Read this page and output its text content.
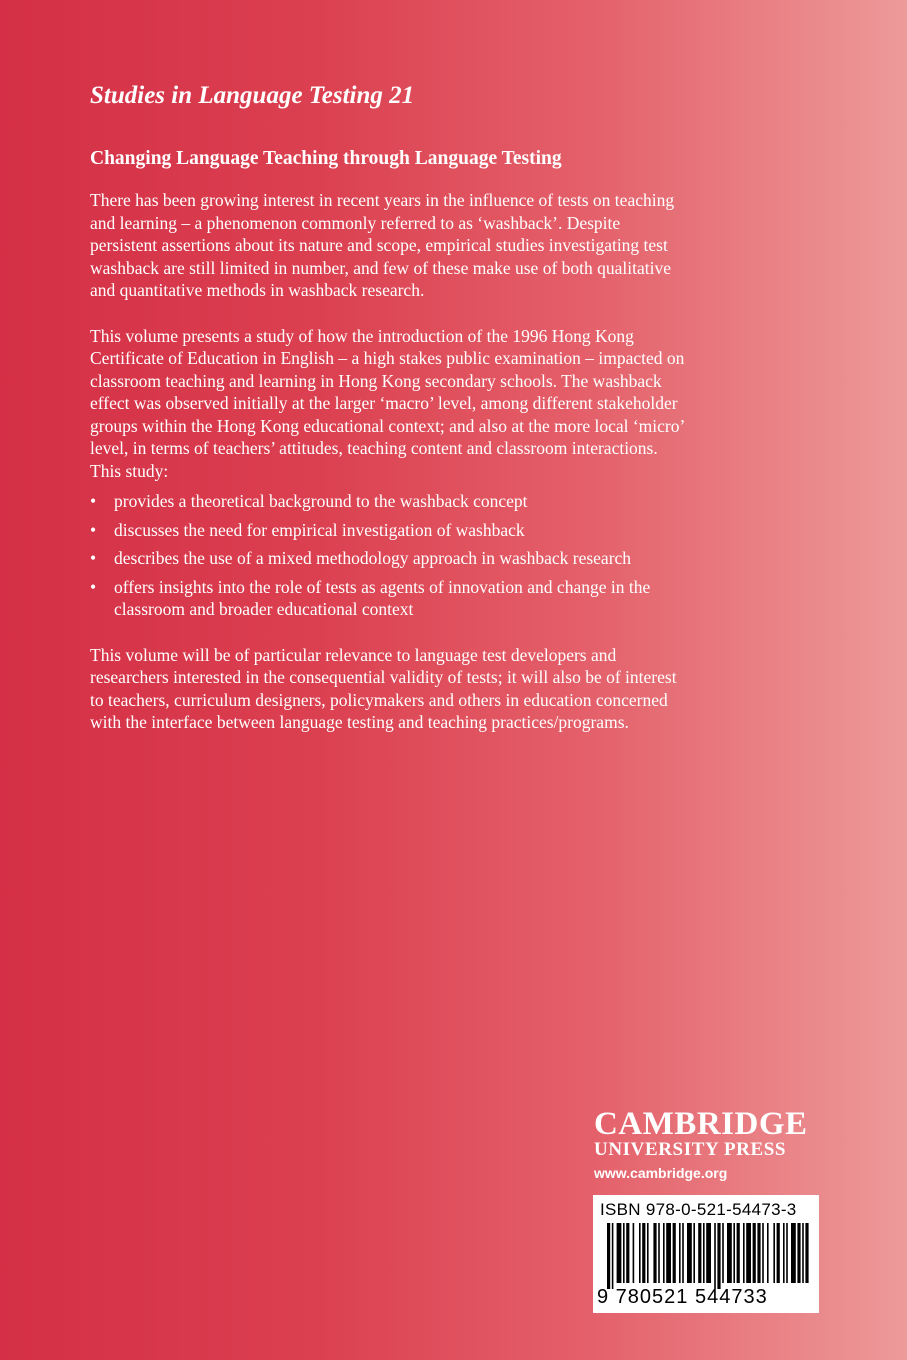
Studies in Language Testing 21
Changing Language Teaching through Language Testing

There has been growing interest in recent years in the influence of tests on teaching and learning – a phenomenon commonly referred to as ‘washback’. Despite persistent assertions about its nature and scope, empirical studies investigating test washback are still limited in number, and few of these make use of both qualitative and quantitative methods in washback research.

This volume presents a study of how the introduction of the 1996 Hong Kong Certificate of Education in English – a high stakes public examination – impacted on classroom teaching and learning in Hong Kong secondary schools. The washback effect was observed initially at the larger ‘macro’ level, among different stakeholder groups within the Hong Kong educational context; and also at the more local ‘micro’ level, in terms of teachers’ attitudes, teaching content and classroom interactions. This study:

• provides a theoretical background to the washback concept
• discusses the need for empirical investigation of washback
• describes the use of a mixed methodology approach in washback research
• offers insights into the role of tests as agents of innovation and change in the classroom and broader educational context

This volume will be of particular relevance to language test developers and researchers interested in the consequential validity of tests; it will also be of interest to teachers, curriculum designers, policymakers and others in education concerned with the interface between language testing and teaching practices/programs.

CAMBRIDGE
UNIVERSITY PRESS
www.cambridge.org
ISBN 978-0-521-54473-3
9 780521 544733
